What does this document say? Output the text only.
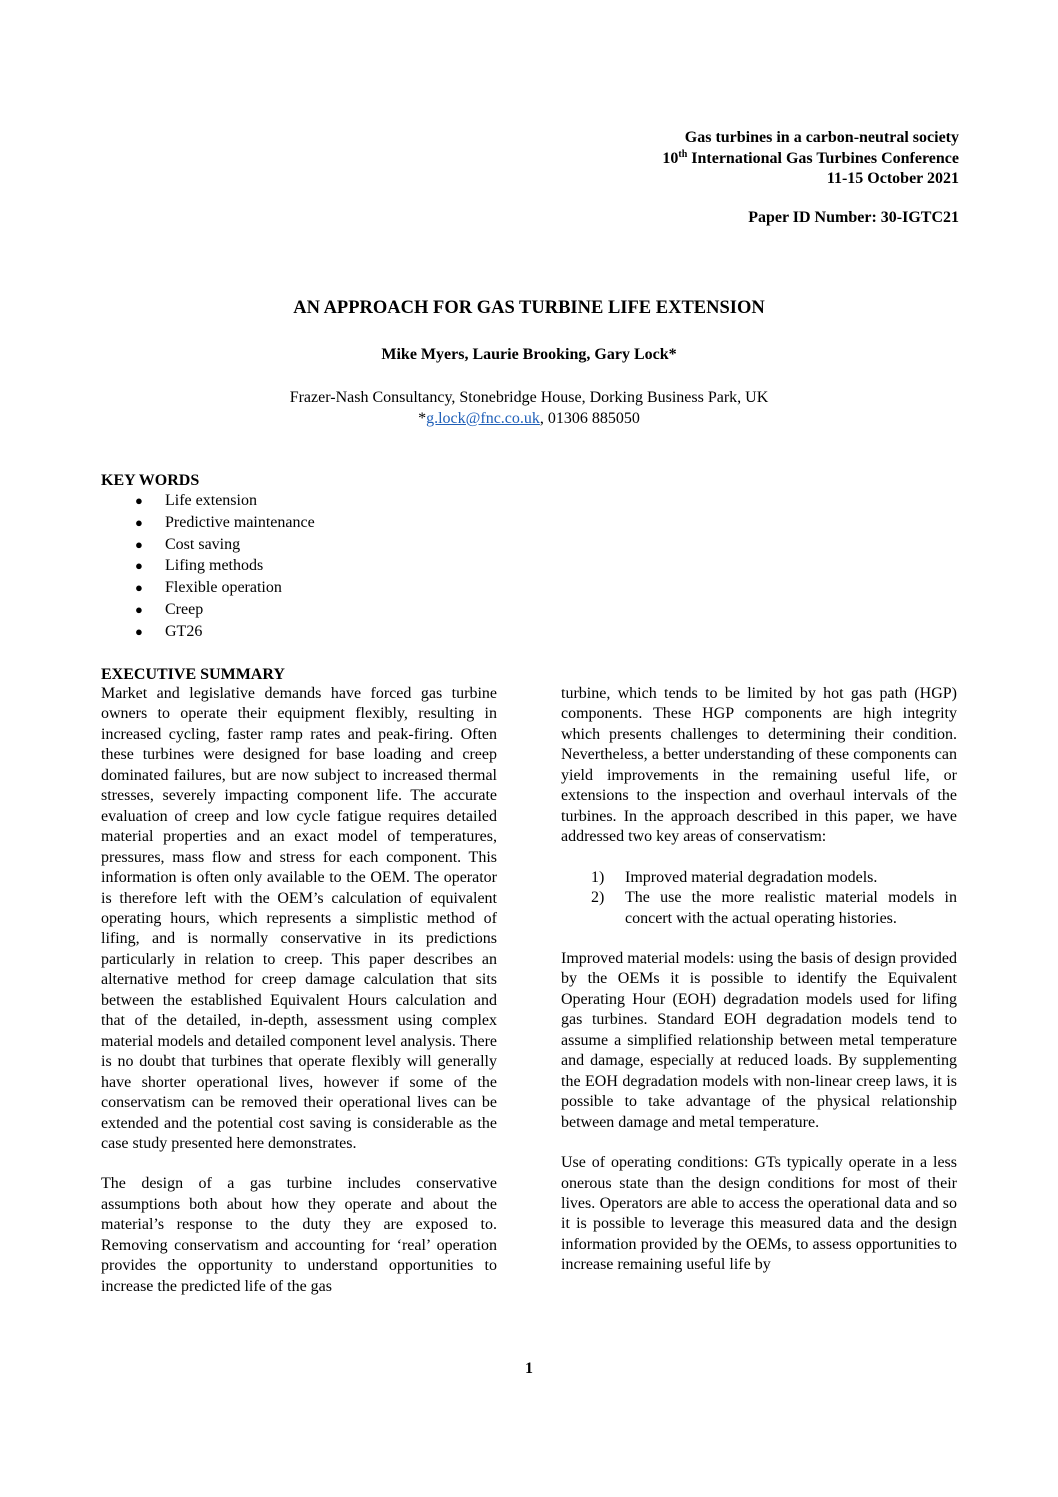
Gas turbines in a carbon-neutral society
10th International Gas Turbines Conference
11-15 October 2021
Paper ID Number: 30-IGTC21
AN APPROACH FOR GAS TURBINE LIFE EXTENSION
Mike Myers, Laurie Brooking, Gary Lock*
Frazer-Nash Consultancy, Stonebridge House, Dorking Business Park, UK
*g.lock@fnc.co.uk, 01306 885050
KEY WORDS
● Life extension
● Predictive maintenance
● Cost saving
● Lifing methods
● Flexible operation
● Creep
● GT26
EXECUTIVE SUMMARY

Market and legislative demands have forced gas turbine owners to operate their equipment flexibly, resulting in increased cycling, faster ramp rates and peak-firing. Often these turbines were designed for base loading and creep dominated failures, but are now subject to increased thermal stresses, severely impacting component life. The accurate evaluation of creep and low cycle fatigue requires detailed material properties and an exact model of temperatures, pressures, mass flow and stress for each component. This information is often only available to the OEM. The operator is therefore left with the OEM’s calculation of equivalent operating hours, which represents a simplistic method of lifing, and is normally conservative in its predictions particularly in relation to creep. This paper describes an alternative method for creep damage calculation that sits between the established Equivalent Hours calculation and that of the detailed, in-depth, assessment using complex material models and detailed component level analysis. There is no doubt that turbines that operate flexibly will generally have shorter operational lives, however if some of the conservatism can be removed their operational lives can be extended and the potential cost saving is considerable as the case study presented here demonstrates.

The design of a gas turbine includes conservative assumptions both about how they operate and about the material’s response to the duty they are exposed to. Removing conservatism and accounting for ‘real’ operation provides the opportunity to understand opportunities to increase the predicted life of the gas

turbine, which tends to be limited by hot gas path (HGP) components. These HGP components are high integrity which presents challenges to determining their condition. Nevertheless, a better understanding of these components can yield improvements in the remaining useful life, or extensions to the inspection and overhaul intervals of the turbines. In the approach described in this paper, we have addressed two key areas of conservatism:

1) Improved material degradation models.
2) The use the more realistic material models in concert with the actual operating histories.

Improved material models: using the basis of design provided by the OEMs it is possible to identify the Equivalent Operating Hour (EOH) degradation models used for lifing gas turbines. Standard EOH degradation models tend to assume a simplified relationship between metal temperature and damage, especially at reduced loads. By supplementing the EOH degradation models with non-linear creep laws, it is possible to take advantage of the physical relationship between damage and metal temperature.

Use of operating conditions: GTs typically operate in a less onerous state than the design conditions for most of their lives. Operators are able to access the operational data and so it is possible to leverage this measured data and the design information provided by the OEMs, to assess opportunities to increase remaining useful life by

1
